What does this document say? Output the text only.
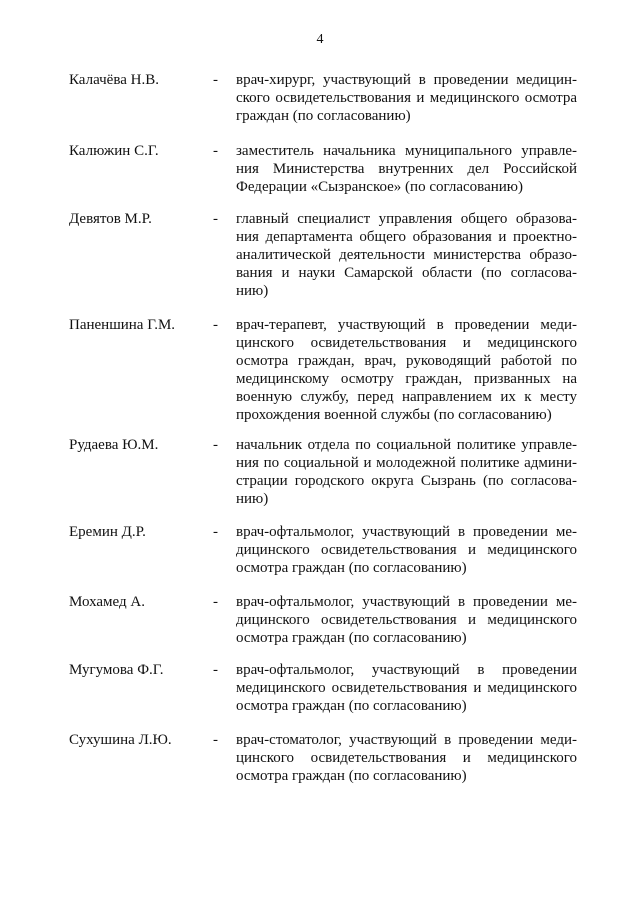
4
Калачёва Н.В.	- врач-хирург, участвующий в проведении медицин-
ского освидетельствования и медицинского осмотра
граждан (по согласованию)
Калюжин С.Г.	- заместитель начальника муниципального управле-
ния Министерства внутренних дел Российской
Федерации «Сызранское» (по согласованию)
Девятов М.Р.	- главный специалист управления общего образова-
ния департамента общего образования и проектно-
аналитической деятельности министерства образо-
вания и науки Самарской области (по согласова-
нию)
Паненшина Г.М.	- врач-терапевт, участвующий в проведении меди-
цинского освидетельствования и медицинского
осмотра граждан, врач, руководящий работой по
медицинскому осмотру граждан, призванных на
военную службу, перед направлением их к месту
прохождения военной службы (по согласованию)
Рудаева Ю.М.	- начальник отдела по социальной политике управле-
ния по социальной и молодежной политике админи-
страции городского округа Сызрань (по согласова-
нию)
Еремин Д.Р.	- врач-офтальмолог, участвующий в проведении ме-
дицинского освидетельствования и медицинского
осмотра граждан (по согласованию)
Мохамед А.	- врач-офтальмолог, участвующий в проведении ме-
дицинского освидетельствования и медицинского
осмотра граждан (по согласованию)
Мугумова Ф.Г.	- врач-офтальмолог, участвующий в проведении
медицинского освидетельствования и медицинского
осмотра граждан (по согласованию)
Сухушина Л.Ю.	- врач-стоматолог, участвующий в проведении меди-
цинского освидетельствования и медицинского
осмотра граждан (по согласованию)
